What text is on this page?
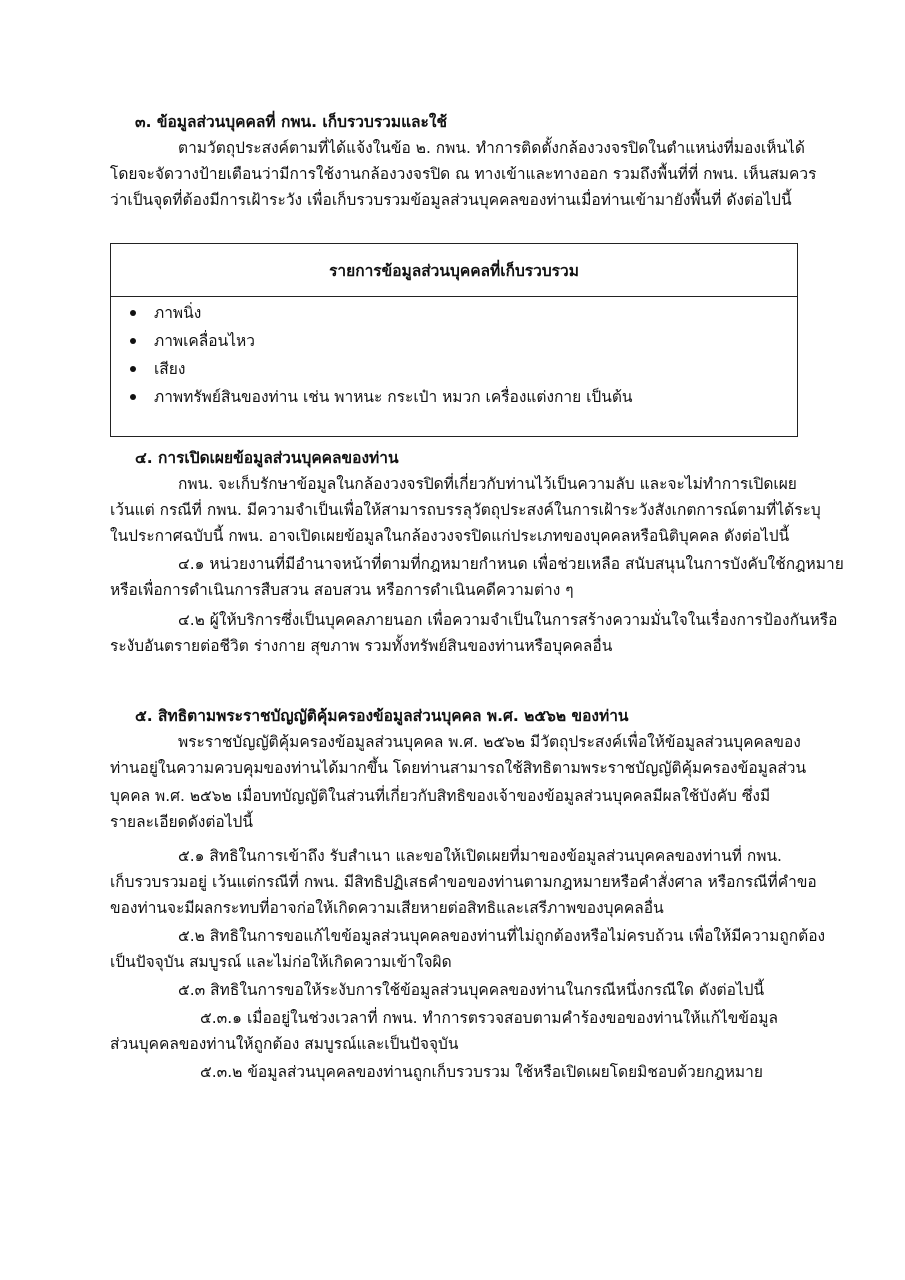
๓. ข้อมูลส่วนบุคคลที่ กพน. เก็บรวบรวมและใช้
ตามวัตถุประสงค์ตามที่ได้แจ้งในข้อ ๒. กพน. ทำการติดตั้งกล้องวงจรปิดในตำแหน่งที่มองเห็นได้
โดยจะจัดวางป้ายเตือนว่ามีการใช้งานกล้องวงจรปิด ณ ทางเข้าและทางออก รวมถึงพื้นที่ที่ กพน. เห็นสมควร
ว่าเป็นจุดที่ต้องมีการเฝ้าระวัง เพื่อเก็บรวบรวมข้อมูลส่วนบุคคลของท่านเมื่อท่านเข้ามายังพื้นที่ ดังต่อไปนี้
รายการข้อมูลส่วนบุคคลที่เก็บรวบรวม
ภาพนิ่ง
ภาพเคลื่อนไหว
เสียง
ภาพทรัพย์สินของท่าน เช่น พาหนะ กระเป๋า หมวก เครื่องแต่งกาย เป็นต้น
๔. การเปิดเผยข้อมูลส่วนบุคคลของท่าน
กพน. จะเก็บรักษาข้อมูลในกล้องวงจรปิดที่เกี่ยวกับท่านไว้เป็นความลับ และจะไม่ทำการเปิดเผย
เว้นแต่ กรณีที่ กพน. มีความจำเป็นเพื่อให้สามารถบรรลุวัตถุประสงค์ในการเฝ้าระวังสังเกตการณ์ตามที่ได้ระบุ
ในประกาศฉบับนี้ กพน. อาจเปิดเผยข้อมูลในกล้องวงจรปิดแก่ประเภทของบุคคลหรือนิติบุคคล ดังต่อไปนี้
๔.๑ หน่วยงานที่มีอำนาจหน้าที่ตามที่กฎหมายกำหนด เพื่อช่วยเหลือ สนับสนุนในการบังคับใช้กฎหมาย
หรือเพื่อการดำเนินการสืบสวน สอบสวน หรือการดำเนินคดีความต่าง ๆ
๔.๒ ผู้ให้บริการซึ่งเป็นบุคคลภายนอก เพื่อความจำเป็นในการสร้างความมั่นใจในเรื่องการป้องกันหรือ
ระงับอันตรายต่อชีวิต ร่างกาย สุขภาพ รวมทั้งทรัพย์สินของท่านหรือบุคคลอื่น
๕. สิทธิตามพระราชบัญญัติคุ้มครองข้อมูลส่วนบุคคล พ.ศ. ๒๕๖๒ ของท่าน
พระราชบัญญัติคุ้มครองข้อมูลส่วนบุคคล พ.ศ. ๒๕๖๒ มีวัตถุประสงค์เพื่อให้ข้อมูลส่วนบุคคลของ
ท่านอยู่ในความควบคุมของท่านได้มากขึ้น โดยท่านสามารถใช้สิทธิตามพระราชบัญญัติคุ้มครองข้อมูลส่วน
บุคคล พ.ศ. ๒๕๖๒ เมื่อบทบัญญัติในส่วนที่เกี่ยวกับสิทธิของเจ้าของข้อมูลส่วนบุคคลมีผลใช้บังคับ ซึ่งมี
รายละเอียดดังต่อไปนี้
๕.๑ สิทธิในการเข้าถึง รับสำเนา และขอให้เปิดเผยที่มาของข้อมูลส่วนบุคคลของท่านที่ กพน.
เก็บรวบรวมอยู่ เว้นแต่กรณีที่ กพน. มีสิทธิปฏิเสธคำขอของท่านตามกฎหมายหรือคำสั่งศาล หรือกรณีที่คำขอ
ของท่านจะมีผลกระทบที่อาจก่อให้เกิดความเสียหายต่อสิทธิและเสรีภาพของบุคคลอื่น
๕.๒ สิทธิในการขอแก้ไขข้อมูลส่วนบุคคลของท่านที่ไม่ถูกต้องหรือไม่ครบถ้วน เพื่อให้มีความถูกต้อง
เป็นปัจจุบัน สมบูรณ์ และไม่ก่อให้เกิดความเข้าใจผิด
๕.๓ สิทธิในการขอให้ระงับการใช้ข้อมูลส่วนบุคคลของท่านในกรณีหนึ่งกรณีใด ดังต่อไปนี้
๕.๓.๑ เมื่ออยู่ในช่วงเวลาที่ กพน. ทำการตรวจสอบตามคำร้องขอของท่านให้แก้ไขข้อมูล
ส่วนบุคคลของท่านให้ถูกต้อง สมบูรณ์และเป็นปัจจุบัน
๕.๓.๒ ข้อมูลส่วนบุคคลของท่านถูกเก็บรวบรวม ใช้หรือเปิดเผยโดยมิชอบด้วยกฎหมาย
